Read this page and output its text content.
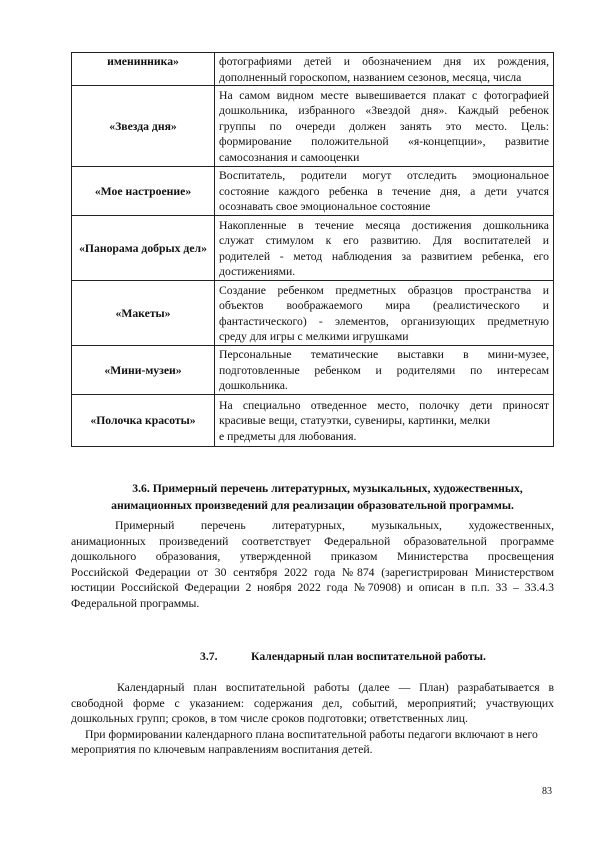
именинника»	фотографиями детей и обозначением дня их рождения,
дополненный гороскопом, названием сезонов, месяца, числа

«Звезда дня»	На самом видном месте вывешивается плакат с фотографией
дошкольника, избранного «Звездой дня». Каждый ребенок
группы по очереди должен занять это место. Цель:
формирование положительной «я-концепции», развитие
самосознания и самооценки

«Мое настроение»	Воспитатель, родители могут отследить эмоциональное
состояние каждого ребенка в течение дня, а дети учатся
осознавать свое эмоциональное состояние

«Панорама добрых дел»	Накопленные в течение месяца достижения дошкольника
служат стимулом к его развитию. Для воспитателей и
родителей - метод наблюдения за развитием ребенка, его
достижениями.

«Макеты»	Создание ребенком предметных образцов пространства и
объектов воображаемого мира (реалистического и
фантастического) - элементов, организующих предметную
среду для игры с мелкими игрушками

«Мини-музеи»	Персональные тематические выставки в мини-музее,
подготовленные ребенком и родителями по интересам
дошкольника.

«Полочка красоты»	На специально отведенное место, полочку дети приносят
красивые вещи, статуэтки, сувениры, картинки, мелки
е предметы для любования.
3.6. Примерный перечень литературных, музыкальных, художественных,
анимационных произведений для реализации образовательной программы.
Примерный перечень литературных, музыкальных, художественных,
анимационных произведений соответствует Федеральной образовательной программе
дошкольного образования, утвержденной приказом Министерства просвещения
Российской Федерации от 30 сентября 2022 года №874 (зарегистрирован Министерством
юстиции Российской Федерации 2 ноября 2022 года №70908) и описан в п.п. 33 – 33.4.3
Федеральной программы.
3.7.	Календарный план воспитательной работы.
Календарный план воспитательной работы (далее — План) разрабатывается в
свободной форме с указанием: содержания дел, событий, мероприятий; участвующих
дошкольных групп; сроков, в том числе сроков подготовки; ответственных лиц.
При формировании календарного плана воспитательной работы педагоги включают в него
мероприятия по ключевым направлениям воспитания детей.
83
